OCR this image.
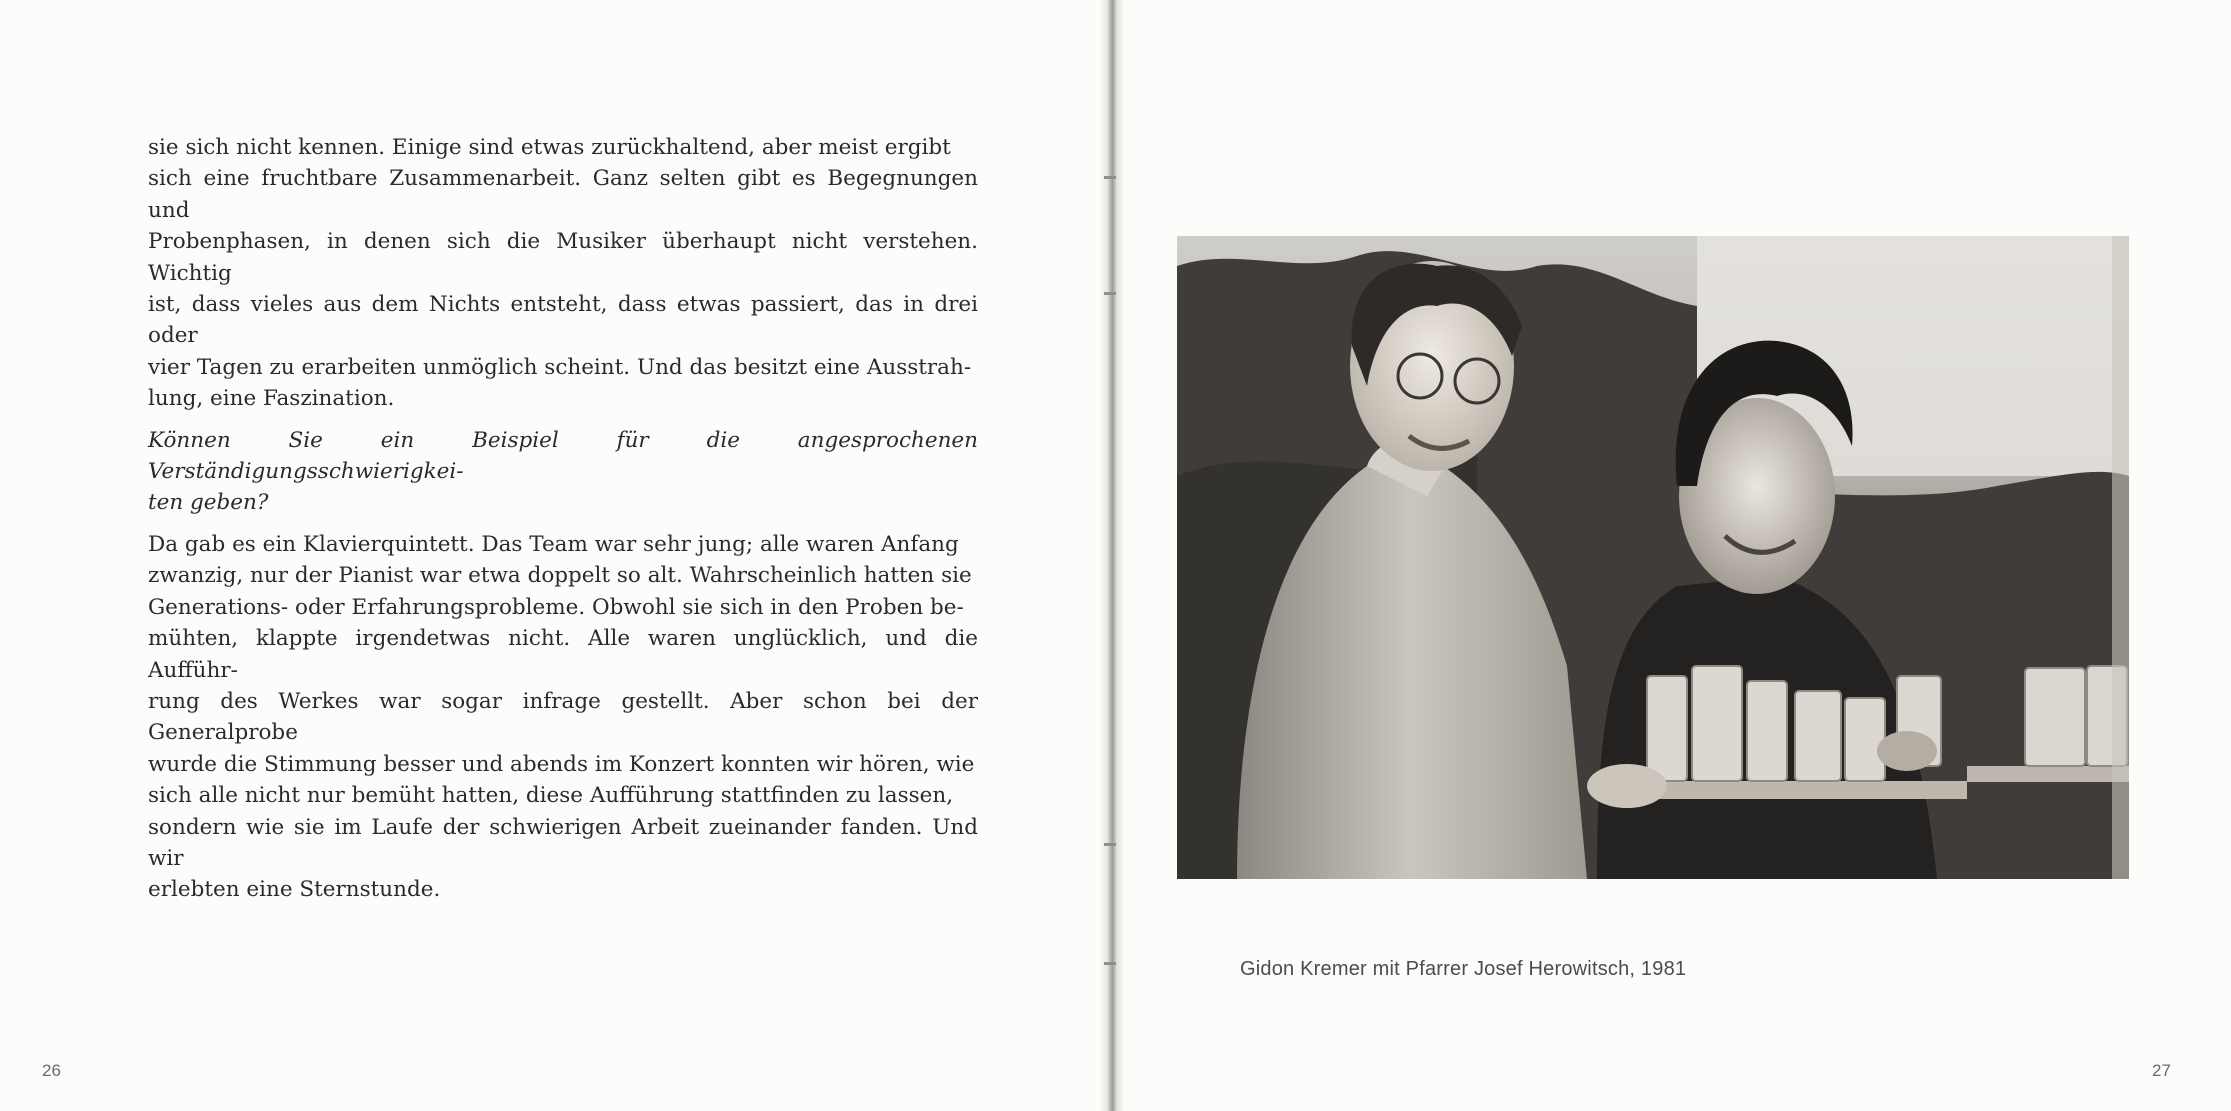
sie sich nicht kennen. Einige sind etwas zurückhaltend, aber meist ergibt
sich eine fruchtbare Zusammenarbeit. Ganz selten gibt es Begegnungen und
Probenphasen, in denen sich die Musiker überhaupt nicht verstehen. Wichtig
ist, dass vieles aus dem Nichts entsteht, dass etwas passiert, das in drei oder
vier Tagen zu erarbeiten unmöglich scheint. Und das besitzt eine Ausstrah-
lung, eine Faszination.

Können Sie ein Beispiel für die angesprochenen Verständigungsschwierigkei-
ten geben?

Da gab es ein Klavierquintett. Das Team war sehr jung; alle waren Anfang
zwanzig, nur der Pianist war etwa doppelt so alt. Wahrscheinlich hatten sie
Generations- oder Erfahrungsprobleme. Obwohl sie sich in den Proben be-
mühten, klappte irgendetwas nicht. Alle waren unglücklich, und die Aufführ-
rung des Werkes war sogar infrage gestellt. Aber schon bei der Generalprobe
wurde die Stimmung besser und abends im Konzert konnten wir hören, wie
sich alle nicht nur bemüht hatten, diese Aufführung stattfinden zu lassen,
sondern wie sie im Laufe der schwierigen Arbeit zueinander fanden. Und wir
erlebten eine Sternstunde.

26
Gidon Kremer mit Pfarrer Josef Herowitsch, 1981
27
